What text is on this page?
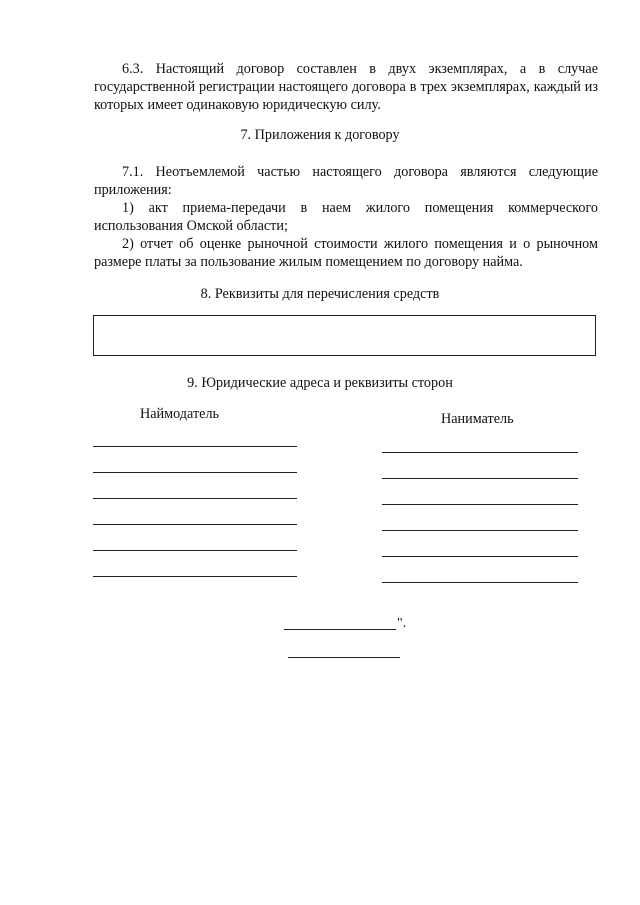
6.3. Настоящий договор составлен в двух экземплярах, а в случае государственной регистрации настоящего договора в трех экземплярах, каждый из которых имеет одинаковую юридическую силу.

7. Приложения к договору

7.1. Неотъемлемой частью настоящего договора являются следующие приложения:

1) акт приема-передачи в наем жилого помещения коммерческого использования Омской области;

2) отчет об оценке рыночной стоимости жилого помещения и о рыночном размере платы за пользование жилым помещением по договору найма.

8. Реквизиты для перечисления средств

9. Юридические адреса и реквизиты сторон

Наймодатель	Наниматель

".
